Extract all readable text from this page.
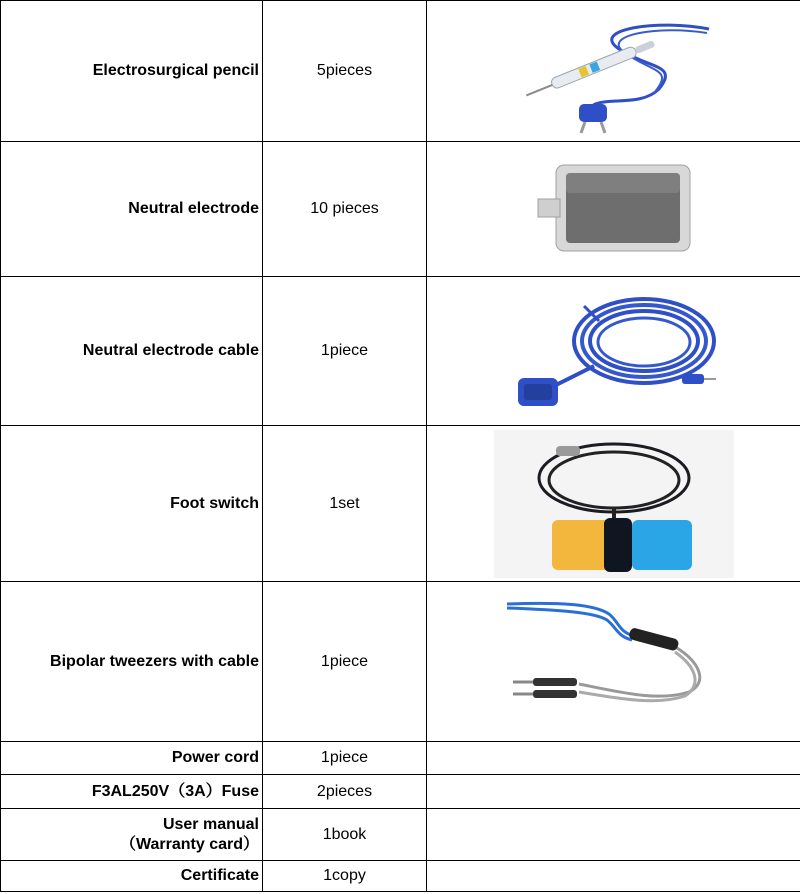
Electrosurgical pencil	5pieces	

Neutral electrode	10 pieces	

Neutral electrode cable	1piece	

Foot switch	1set	

Bipolar tweezers with cable	1piece	

Power cord	1piece	
F3AL250V（3A）Fuse	2pieces	

User manual
（Warranty card）	1book	
Certificate	1copy	
